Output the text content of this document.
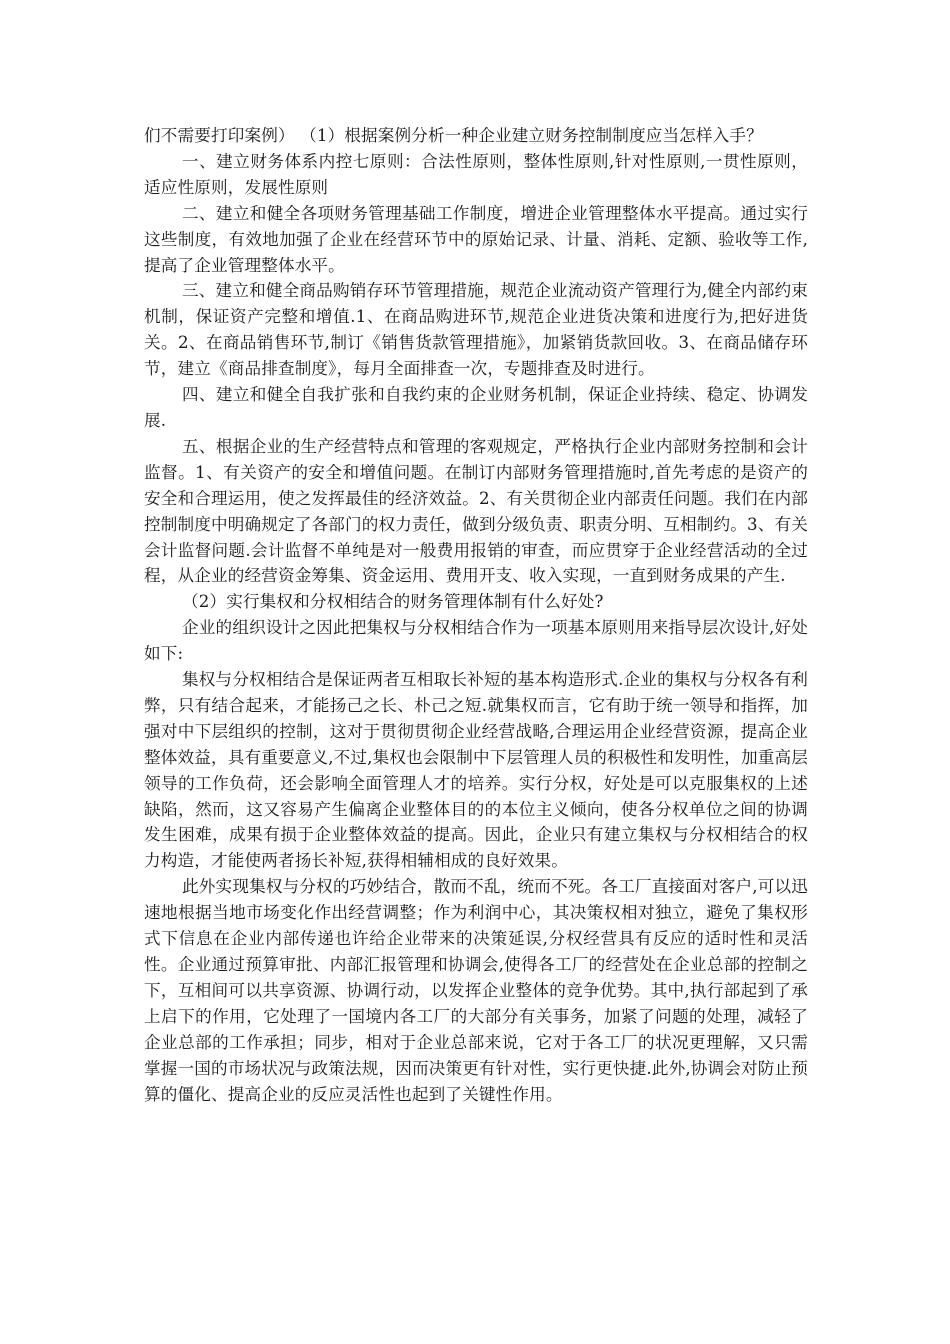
们不需要打印案例） （1）根据案例分析一种企业建立财务控制制度应当怎样入手？

一、建立财务体系内控七原则：合法性原则，整体性原则,针对性原则,一贯性原则，适应性原则，发展性原则

二、建立和健全各项财务管理基础工作制度，增进企业管理整体水平提高。通过实行这些制度，有效地加强了企业在经营环节中的原始记录、计量、消耗、定额、验收等工作,提高了企业管理整体水平。

三、建立和健全商品购销存环节管理措施，规范企业流动资产管理行为,健全内部约束机制，保证资产完整和增值.1、在商品购进环节,规范企业进货决策和进度行为,把好进货关。2、在商品销售环节,制订《销售货款管理措施》，加紧销货款回收。3、在商品储存环节，建立《商品排查制度》，每月全面排查一次，专题排查及时进行。

四、建立和健全自我扩张和自我约束的企业财务机制，保证企业持续、稳定、协调发展.

五、根据企业的生产经营特点和管理的客观规定，严格执行企业内部财务控制和会计监督。1、有关资产的安全和增值问题。在制订内部财务管理措施时,首先考虑的是资产的安全和合理运用，使之发挥最佳的经济效益。2、有关贯彻企业内部责任问题。我们在内部控制制度中明确规定了各部门的权力责任，做到分级负责、职责分明、互相制约。3、有关会计监督问题.会计监督不单纯是对一般费用报销的审查，而应贯穿于企业经营活动的全过程，从企业的经营资金筹集、资金运用、费用开支、收入实现，一直到财务成果的产生.

（2）实行集权和分权相结合的财务管理体制有什么好处?

企业的组织设计之因此把集权与分权相结合作为一项基本原则用来指导层次设计,好处如下:

集权与分权相结合是保证两者互相取长补短的基本构造形式.企业的集权与分权各有利弊，只有结合起来，才能扬己之长、朴己之短.就集权而言，它有助于统一领导和指挥，加强对中下层组织的控制，这对于贯彻贯彻企业经营战略,合理运用企业经营资源，提高企业整体效益，具有重要意义,不过,集权也会限制中下层管理人员的积极性和发明性，加重高层领导的工作负荷，还会影响全面管理人才的培养。实行分权，好处是可以克服集权的上述缺陷，然而，这又容易产生偏离企业整体目的的本位主义倾向，使各分权单位之间的协调发生困难，成果有损于企业整体效益的提高。因此，企业只有建立集权与分权相结合的权力构造，才能使两者扬长补短,获得相辅相成的良好效果。

此外实现集权与分权的巧妙结合，散而不乱，统而不死。各工厂直接面对客户,可以迅速地根据当地市场变化作出经营调整；作为利润中心，其决策权相对独立，避免了集权形式下信息在企业内部传递也许给企业带来的决策延误,分权经营具有反应的适时性和灵活性。企业通过预算审批、内部汇报管理和协调会,使得各工厂的经营处在企业总部的控制之下，互相间可以共享资源、协调行动，以发挥企业整体的竞争优势。其中,执行部起到了承上启下的作用，它处理了一国境内各工厂的大部分有关事务，加紧了问题的处理，减轻了企业总部的工作承担；同步，相对于企业总部来说，它对于各工厂的状况更理解，又只需掌握一国的市场状况与政策法规，因而决策更有针对性，实行更快捷.此外,协调会对防止预算的僵化、提高企业的反应灵活性也起到了关键性作用。
